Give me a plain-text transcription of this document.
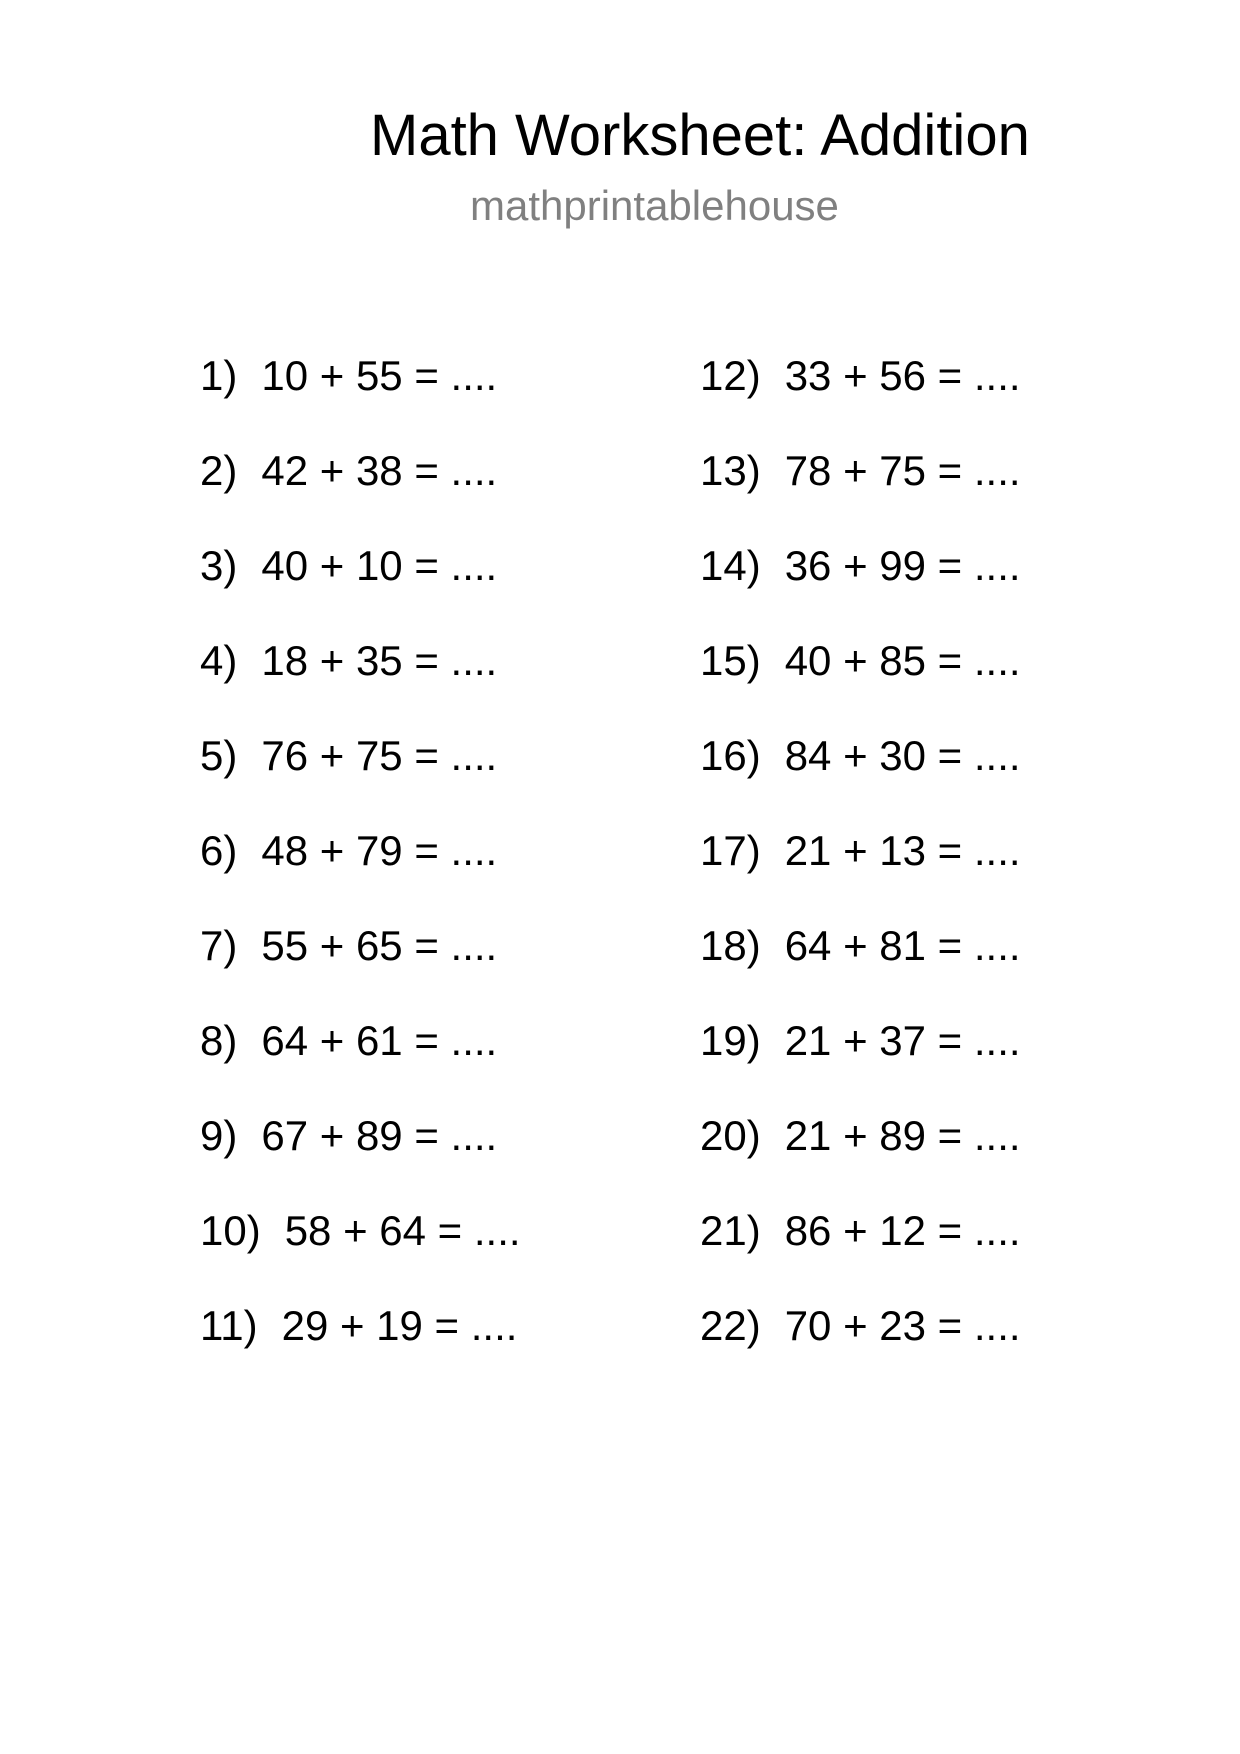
Math Worksheet: Addition
mathprintablehouse
1) 10 + 55 = ....
2) 42 + 38 = ....
3) 40 + 10 = ....
4) 18 + 35 = ....
5) 76 + 75 = ....
6) 48 + 79 = ....
7) 55 + 65 = ....
8) 64 + 61 = ....
9) 67 + 89 = ....
10) 58 + 64 = ....
11) 29 + 19 = ....
12) 33 + 56 = ....
13) 78 + 75 = ....
14) 36 + 99 = ....
15) 40 + 85 = ....
16) 84 + 30 = ....
17) 21 + 13 = ....
18) 64 + 81 = ....
19) 21 + 37 = ....
20) 21 + 89 = ....
21) 86 + 12 = ....
22) 70 + 23 = ....
